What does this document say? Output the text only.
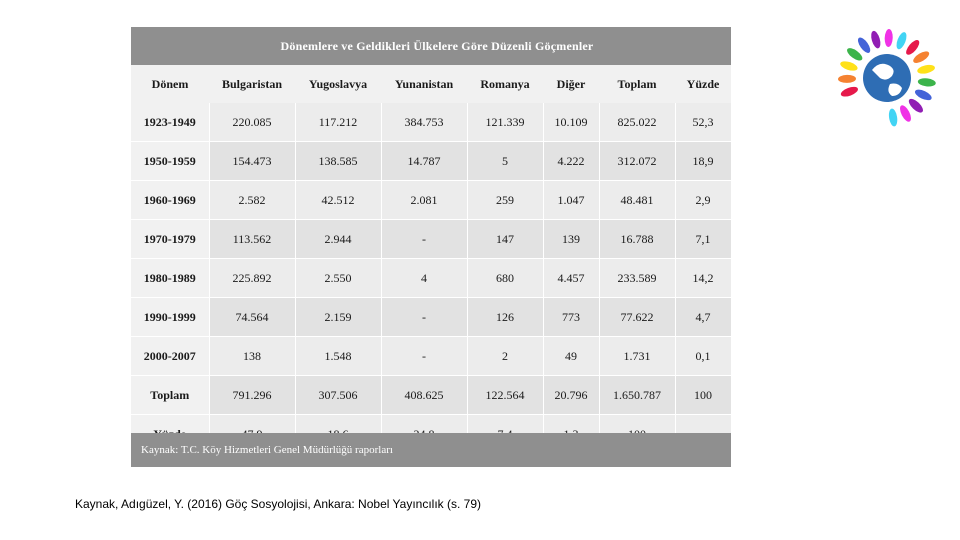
Dönemlere ve Geldikleri Ülkelere Göre Düzenli Göçmenler
Dönem	Bulgaristan	Yugoslavya	Yunanistan	Romanya	Diğer	Toplam	Yüzde
1923-1949	220.085	117.212	384.753	121.339	10.109	825.022	52,3
1950-1959	154.473	138.585	14.787	5	4.222	312.072	18,9
1960-1969	2.582	42.512	2.081	259	1.047	48.481	2,9
1970-1979	113.562	2.944	-	147	139	16.788	7,1
1980-1989	225.892	2.550	4	680	4.457	233.589	14,2
1990-1999	74.564	2.159	-	126	773	77.622	4,7
2000-2007	138	1.548	-	2	49	1.731	0,1
Toplam	791.296	307.506	408.625	122.564	20.796	1.650.787	100

Kaynak: T.C. Köy Hizmetleri Genel Müdürlüğü raporları
Kaynak, Adıgüzel, Y. (2016) Göç Sosyolojisi, Ankara: Nobel Yayıncılık (s. 79)
